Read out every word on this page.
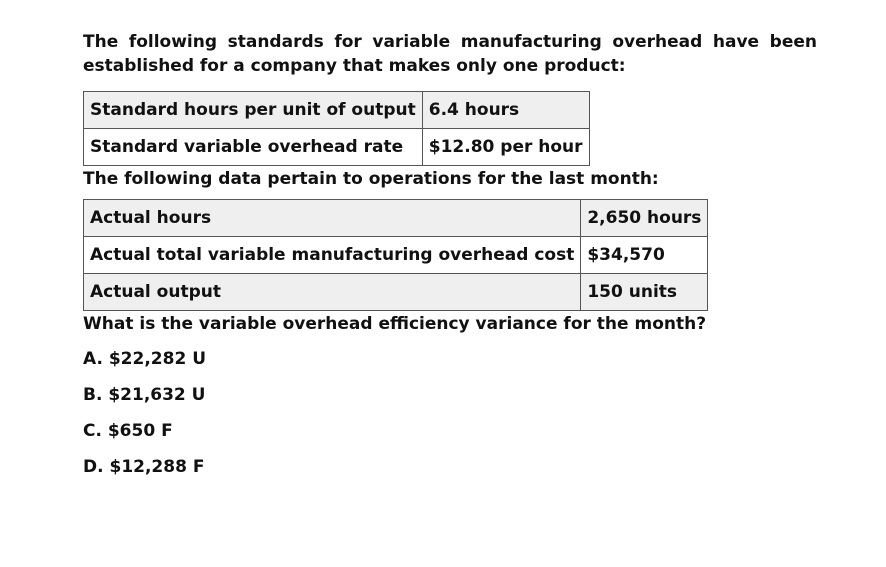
The following standards for variable manufacturing overhead have been established for a company that makes only one product:

Standard hours per unit of output	6.4 hours
Standard variable overhead rate	$12.80 per hour

The following data pertain to operations for the last month:

Actual hours	2,650 hours
Actual total variable manufacturing overhead cost	$34,570
Actual output	150 units

What is the variable overhead efficiency variance for the month?

A. $22,282 U
B. $21,632 U
C. $650 F
D. $12,288 F
